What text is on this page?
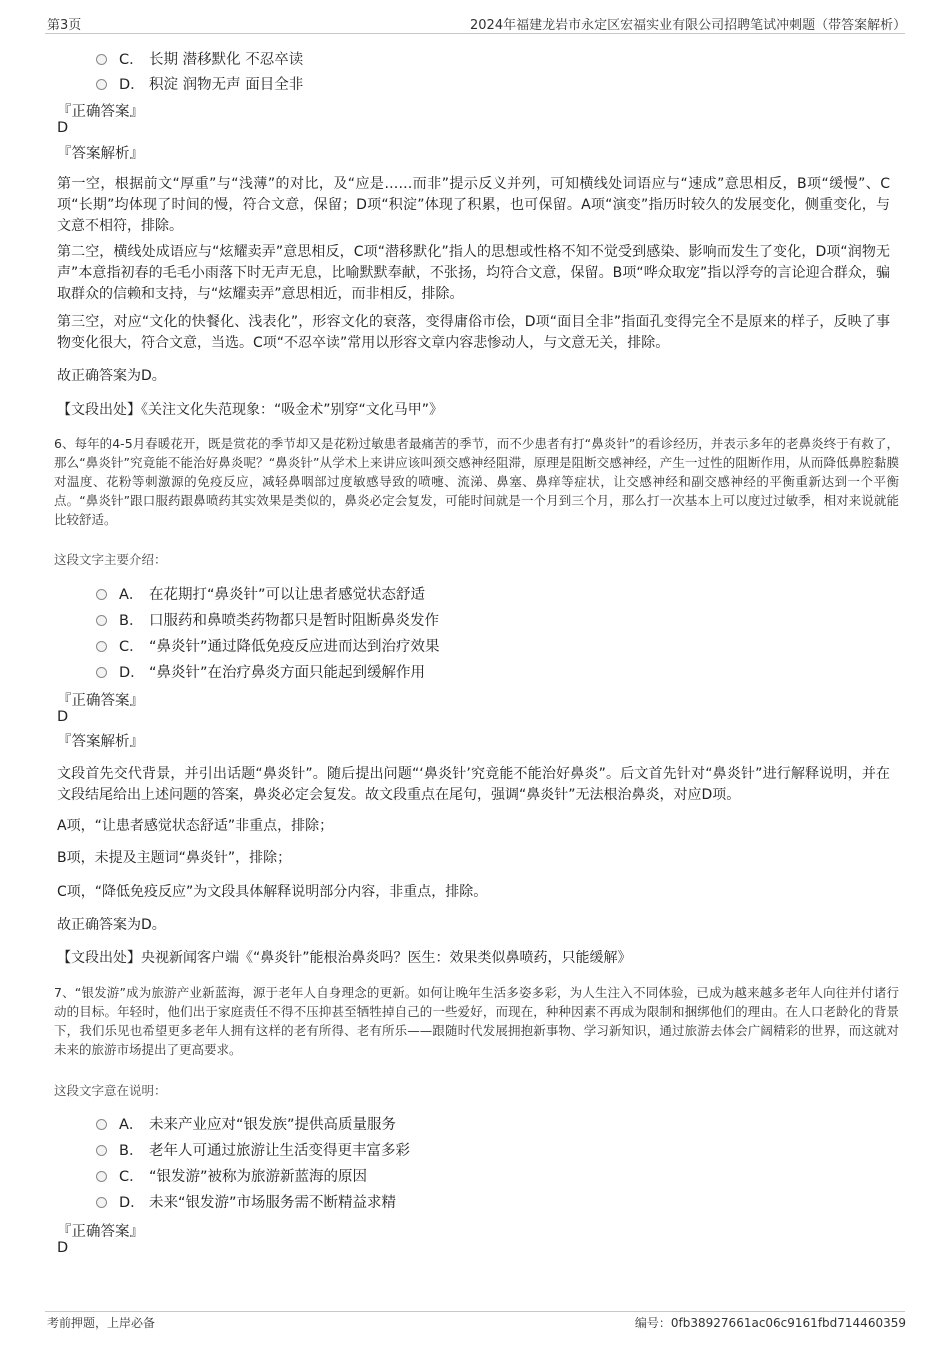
第3页	2024年福建龙岩市永定区宏福实业有限公司招聘笔试冲刺题（带答案解析）
C． 长期 潜移默化 不忍卒读
D． 积淀 润物无声 面目全非
『正确答案』
D
『答案解析』
第一空，根据前文“厚重”与“浅薄”的对比，及“应是……而非”提示反义并列，可知横线处词语应与“速成”意思相反，B项“缓慢”、C项“长期”均体现了时间的慢，符合文意，保留；D项“积淀”体现了积累，也可保留。A项“演变”指历时较久的发展变化，侧重变化，与文意不相符，排除。
第二空，横线处成语应与“炫耀卖弄”意思相反，C项“潜移默化”指人的思想或性格不知不觉受到感染、影响而发生了变化，D项“润物无声”本意指初春的毛毛小雨落下时无声无息，比喻默默奉献，不张扬，均符合文意，保留。B项“哗众取宠”指以浮夸的言论迎合群众，骗取群众的信赖和支持，与“炫耀卖弄”意思相近，而非相反，排除。
第三空，对应“文化的快餐化、浅表化”，形容文化的衰落，变得庸俗市侩，D项“面目全非”指面孔变得完全不是原来的样子，反映了事物变化很大，符合文意，当选。C项“不忍卒读”常用以形容文章内容悲惨动人，与文意无关，排除。
故正确答案为D。
【文段出处】《关注文化失范现象：“吸金术”别穿“文化马甲”》
6、每年的4-5月春暖花开，既是赏花的季节却又是花粉过敏患者最痛苦的季节，而不少患者有打“鼻炎针”的看诊经历，并表示多年的老鼻炎终于有救了，那么“鼻炎针”究竟能不能治好鼻炎呢？“鼻炎针”从学术上来讲应该叫颈交感神经阻滞，原理是阻断交感神经，产生一过性的阻断作用，从而降低鼻腔黏膜对温度、花粉等刺激源的免疫反应，减轻鼻咽部过度敏感导致的喷嚏、流涕、鼻塞、鼻痒等症状，让交感神经和副交感神经的平衡重新达到一个平衡点。“鼻炎针”跟口服药跟鼻喷药其实效果是类似的，鼻炎必定会复发，可能时间就是一个月到三个月，那么打一次基本上可以度过过敏季，相对来说就能比较舒适。
这段文字主要介绍：
A． 在花期打“鼻炎针”可以让患者感觉状态舒适
B． 口服药和鼻喷类药物都只是暂时阻断鼻炎发作
C． “鼻炎针”通过降低免疫反应进而达到治疗效果
D． “鼻炎针”在治疗鼻炎方面只能起到缓解作用
『正确答案』
D
『答案解析』
文段首先交代背景，并引出话题“鼻炎针”。随后提出问题“‘鼻炎针’究竟能不能治好鼻炎”。后文首先针对“鼻炎针”进行解释说明，并在文段结尾给出上述问题的答案，鼻炎必定会复发。故文段重点在尾句，强调“鼻炎针”无法根治鼻炎，对应D项。
A项，“让患者感觉状态舒适”非重点，排除；
B项，未提及主题词“鼻炎针”，排除；
C项，“降低免疫反应”为文段具体解释说明部分内容，非重点，排除。
故正确答案为D。
【文段出处】央视新闻客户端《“鼻炎针”能根治鼻炎吗？医生：效果类似鼻喷药，只能缓解》
7、“银发游”成为旅游产业新蓝海，源于老年人自身理念的更新。如何让晚年生活多姿多彩，为人生注入不同体验，已成为越来越多老年人向往并付诸行动的目标。年轻时，他们出于家庭责任不得不压抑甚至牺牲掉自己的一些爱好，而现在，种种因素不再成为限制和捆绑他们的理由。在人口老龄化的背景下，我们乐见也希望更多老年人拥有这样的老有所得、老有所乐——跟随时代发展拥抱新事物、学习新知识，通过旅游去体会广阔精彩的世界，而这就对未来的旅游市场提出了更高要求。
这段文字意在说明：
A． 未来产业应对“银发族”提供高质量服务
B． 老年人可通过旅游让生活变得更丰富多彩
C． “银发游”被称为旅游新蓝海的原因
D． 未来“银发游”市场服务需不断精益求精
『正确答案』
D
考前押题，上岸必备	编号：0fb38927661ac06c9161fbd714460359
